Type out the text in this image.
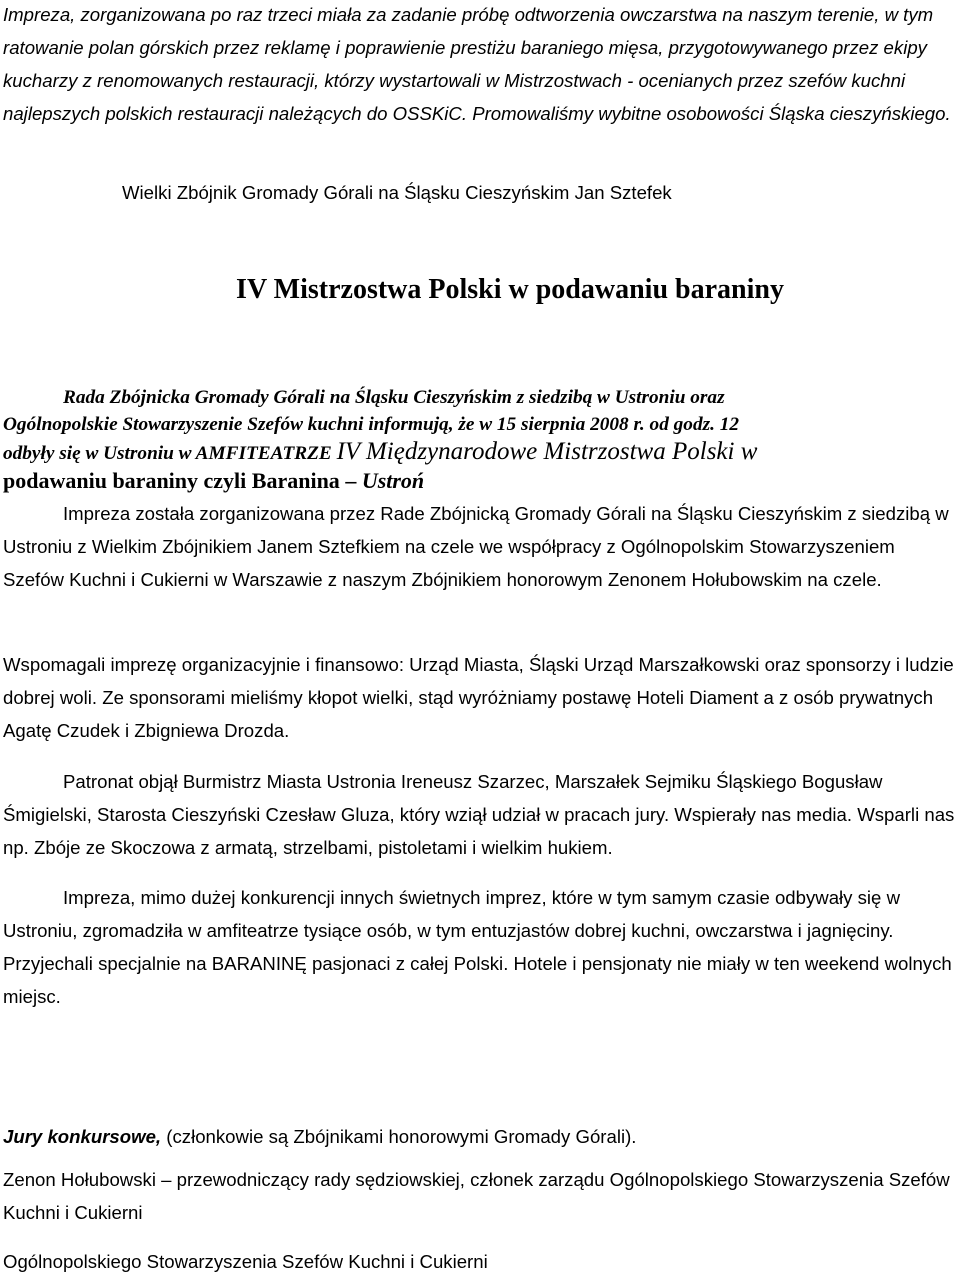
Impreza, zorganizowana po raz trzeci miała za zadanie próbę odtworzenia owczarstwa na naszym terenie, w tym ratowanie polan górskich przez reklamę i poprawienie prestiżu baraniego mięsa, przygotowywanego przez ekipy kucharzy z renomowanych restauracji, którzy wystartowali w Mistrzostwach - ocenianych przez szefów kuchni najlepszych polskich restauracji należących do OSSKiC. Promowaliśmy wybitne osobowości Śląska cieszyńskiego.

Wielki Zbójnik Gromady Górali na Śląsku Cieszyńskim Jan Sztefek

IV Mistrzostwa Polski w podawaniu baraniny
Rada Zbójnicka Gromady Górali na Śląsku Cieszyńskim z siedzibą w Ustroniu oraz
Ogólnopolskie Stowarzyszenie Szefów kuchni informują, że w 15 sierpnia 2008 r. od godz. 12
odbyły się w Ustroniu w AMFITEATRZE IV Międzynarodowe Mistrzostwa Polski w
podawaniu baraniny czyli Baranina – Ustroń

Impreza została zorganizowana przez Rade Zbójnicką Gromady Górali na Śląsku Cieszyńskim z siedzibą w Ustroniu z Wielkim Zbójnikiem Janem Sztefkiem na czele we współpracy z Ogólnopolskim Stowarzyszeniem Szefów Kuchni i Cukierni w Warszawie z naszym Zbójnikiem honorowym Zenonem Hołubowskim na czele.

Wspomagali imprezę organizacyjnie i finansowo: Urząd Miasta, Śląski Urząd Marszałkowski oraz sponsorzy i ludzie dobrej woli. Ze sponsorami mieliśmy kłopot wielki, stąd wyróżniamy postawę Hoteli Diament a z osób prywatnych Agatę Czudek i Zbigniewa Drozda.

Patronat objął Burmistrz Miasta Ustronia Ireneusz Szarzec, Marszałek Sejmiku Śląskiego Bogusław Śmigielski, Starosta Cieszyński Czesław Gluza, który wziął udział w pracach jury. Wspierały nas media. Wsparli nas np. Zbóje ze Skoczowa z armatą, strzelbami, pistoletami i wielkim hukiem.

Impreza, mimo dużej konkurencji innych świetnych imprez, które w tym samym czasie odbywały się w Ustroniu, zgromadziła w amfiteatrze tysiące osób, w tym entuzjastów dobrej kuchni, owczarstwa i jagnięciny. Przyjechali specjalnie na BARANINĘ pasjonaci z całej Polski. Hotele i pensjonaty nie miały w ten weekend wolnych miejsc.

Jury konkursowe, (członkowie są Zbójnikami honorowymi Gromady Górali).

Zenon Hołubowski – przewodniczący rady sędziowskiej, członek zarządu Ogólnopolskiego Stowarzyszenia Szefów Kuchni i Cukierni

Ogólnopolskiego Stowarzyszenia Szefów Kuchni i Cukierni
